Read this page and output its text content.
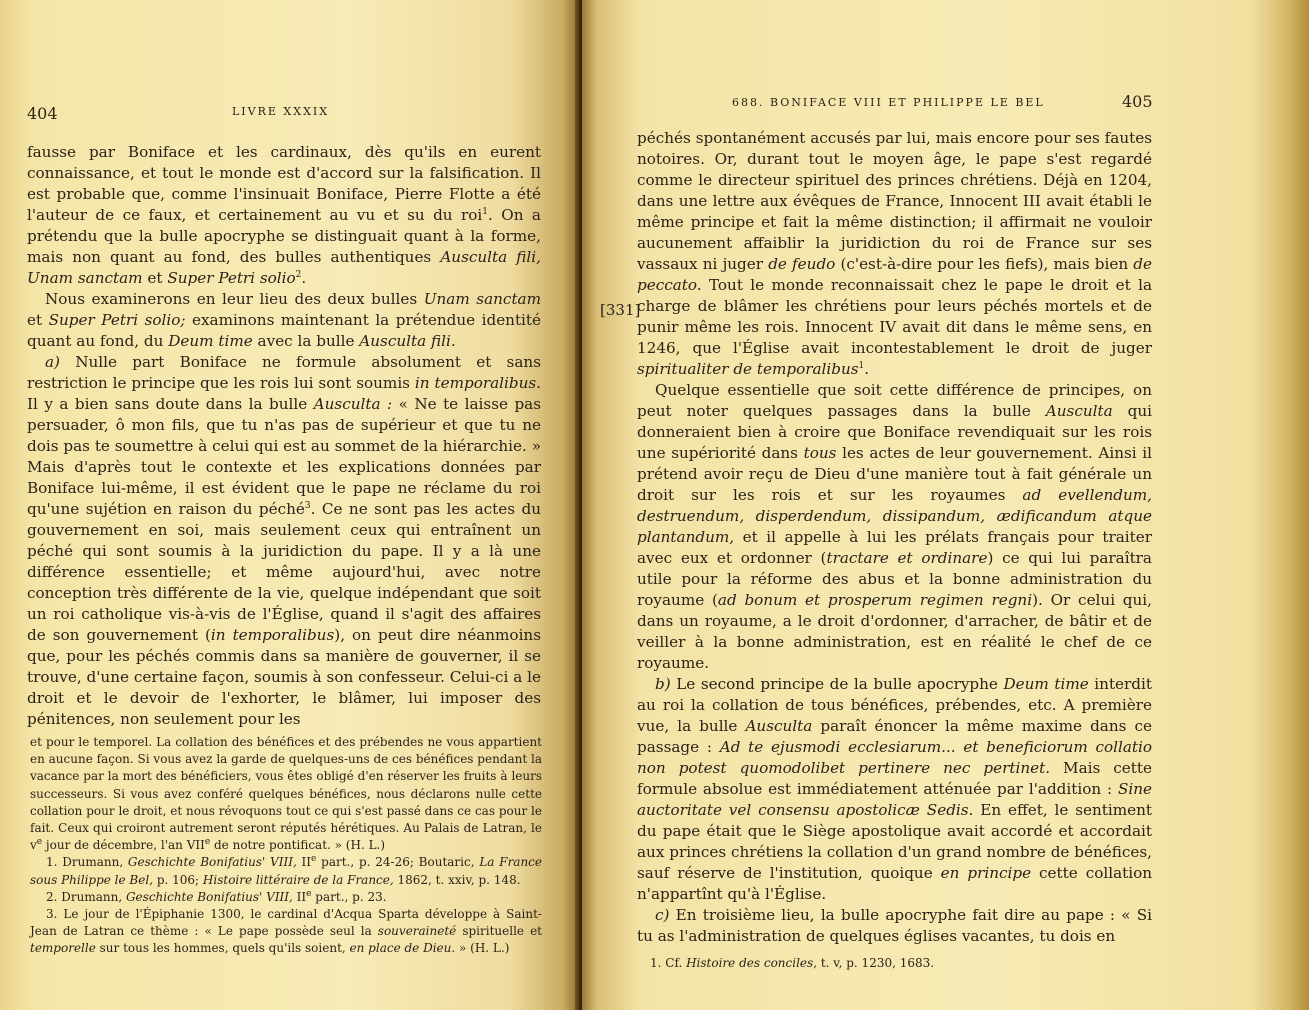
404	LIVRE XXXIX

fausse par Boniface et les cardinaux, dès qu'ils en eurent connaissance, et tout le monde est d'accord sur la falsification. Il est probable que, comme l'insinuait Boniface, Pierre Flotte a été l'auteur de ce faux, et certainement au vu et su du roi$^1$. On a prétendu que la bulle apocryphe se distinguait quant à la forme, mais non quant au fond, des bulles authentiques Ausculta fili, Unam sanctam et Super Petri solio$^2$.

Nous examinerons en leur lieu des deux bulles Unam sanctam et Super Petri solio; examinons maintenant la prétendue identité quant au fond, du Deum time avec la bulle Ausculta fili.

a) Nulle part Boniface ne formule absolument et sans restriction le principe que les rois lui sont soumis in temporalibus. Il y a bien sans doute dans la bulle Ausculta : « Ne te laisse pas persuader, ô mon fils, que tu n'as pas de supérieur et que tu ne dois pas te soumettre à celui qui est au sommet de la hiérarchie. » Mais d'après tout le contexte et les explications données par Boniface lui-même, il est évident que le pape ne réclame du roi qu'une sujétion en raison du péché$^3$. Ce ne sont pas les actes du gouvernement en soi, mais seulement ceux qui entraînent un péché qui sont soumis à la juridiction du pape. Il y a là une différence essentielle; et même aujourd'hui, avec notre conception très différente de la vie, quelque indépendant que soit un roi catholique vis-à-vis de l'Église, quand il s'agit des affaires de son gouvernement (in temporalibus), on peut dire néanmoins que, pour les péchés commis dans sa manière de gouverner, il se trouve, d'une certaine façon, soumis à son confesseur. Celui-ci a le droit et le devoir de l'exhorter, le blâmer, lui imposer des pénitences, non seulement pour les

et pour le temporel. La collation des bénéfices et des prébendes ne vous appartient en aucune façon. Si vous avez la garde de quelques-uns de ces bénéfices pendant la vacance par la mort des bénéficiers, vous êtes obligé d'en réserver les fruits à leurs successeurs. Si vous avez conféré quelques bénéfices, nous déclarons nulle cette collation pour le droit, et nous révoquons tout ce qui s'est passé dans ce cas pour le fait. Ceux qui croiront autrement seront réputés hérétiques. Au Palais de Latran, le $v^e$ jour de décembre, l'an VIIe de notre pontificat. » (H. L.)

1. Drumann, Geschichte Bonifatius' VIII, IIe part., p. 24-26; Boutaric, La France sous Philippe le Bel, p. 106; Histoire littéraire de la France, 1862, t. xxiv, p. 148.

2. Drumann, Geschichte Bonifatius' VIII, IIe part., p. 23.

3. Le jour de l'Épiphanie 1300, le cardinal d'Acqua Sparta développe à Saint-Jean de Latran ce thème : « Le pape possède seul la souveraineté spirituelle et temporelle sur tous les hommes, quels qu'ils soient, en place de Dieu. » (H. L.)

688. BONIFACE VIII ET PHILIPPE LE BEL	405
[331]

péchés spontanément accusés par lui, mais encore pour ses fautes notoires. Or, durant tout le moyen âge, le pape s'est regardé comme le directeur spirituel des princes chrétiens. Déjà en 1204, dans une lettre aux évêques de France, Innocent III avait établi le même principe et fait la même distinction; il affirmait ne vouloir aucunement affaiblir la juridiction du roi de France sur ses vassaux ni juger de feudo (c'est-à-dire pour les fiefs), mais bien de peccato. Tout le monde reconnaissait chez le pape le droit et la charge de blâmer les chrétiens pour leurs péchés mortels et de punir même les rois. Innocent IV avait dit dans le même sens, en 1246, que l'Église avait incontestablement le droit de juger spiritualiter de temporalibus$^1$.

Quelque essentielle que soit cette différence de principes, on peut noter quelques passages dans la bulle Ausculta qui donneraient bien à croire que Boniface revendiquait sur les rois une supériorité dans tous les actes de leur gouvernement. Ainsi il prétend avoir reçu de Dieu d'une manière tout à fait générale un droit sur les rois et sur les royaumes ad evellendum, destruendum, disperdendum, dissipandum, ædificandum atque plantandum, et il appelle à lui les prélats français pour traiter avec eux et ordonner (tractare et ordinare) ce qui lui paraîtra utile pour la réforme des abus et la bonne administration du royaume (ad bonum et prosperum regimen regni). Or celui qui, dans un royaume, a le droit d'ordonner, d'arracher, de bâtir et de veiller à la bonne administration, est en réalité le chef de ce royaume.

b) Le second principe de la bulle apocryphe Deum time interdit au roi la collation de tous bénéfices, prébendes, etc. A première vue, la bulle Ausculta paraît énoncer la même maxime dans ce passage : Ad te ejusmodi ecclesiarum... et beneficiorum collatio non potest quomodolibet pertinere nec pertinet. Mais cette formule absolue est immédiatement atténuée par l'addition : Sine auctoritate vel consensu apostolicæ Sedis. En effet, le sentiment du pape était que le Siège apostolique avait accordé et accordait aux princes chrétiens la collation d'un grand nombre de bénéfices, sauf réserve de l'institution, quoique en principe cette collation n'appartînt qu'à l'Église.

c) En troisième lieu, la bulle apocryphe fait dire au pape : « Si tu as l'administration de quelques églises vacantes, tu dois en

1. Cf. Histoire des conciles, t. v, p. 1230, 1683.
